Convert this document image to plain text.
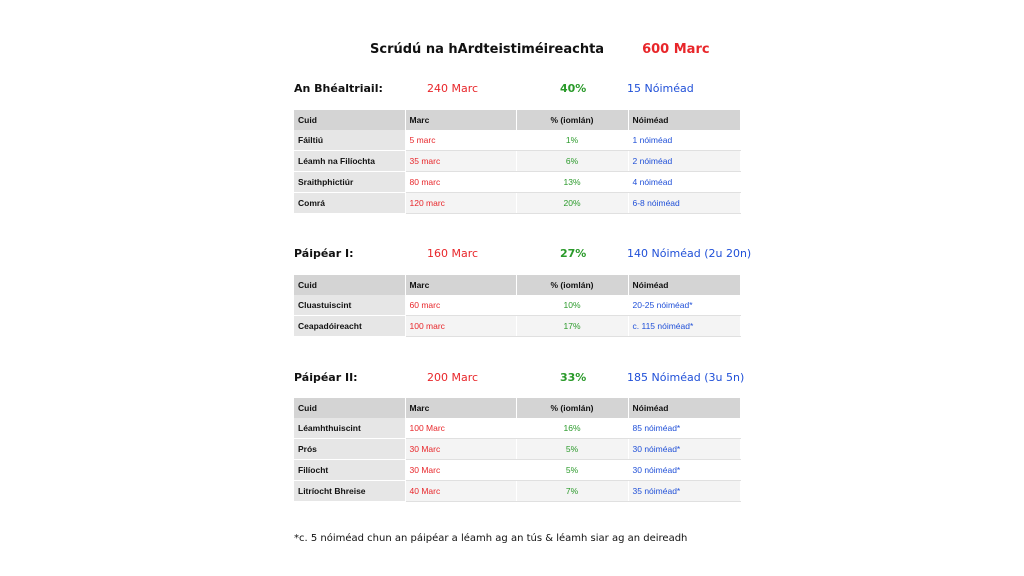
Scrúdú na hArdteistiméireachta	600 Marc
An Bhéaltriail:	240 Marc	40%	15 Nóiméad
Cuid	Marc	% (iomlán)	Nóiméad
Fáiltiú	5 marc	1%	1 nóiméad
Léamh na Filíochta	35 marc	6%	2 nóiméad
Sraithphictiúr	80 marc	13%	4 nóiméad
Comrá	120 marc	20%	6-8 nóiméad
Páipéar I:	160 Marc	27%	140 Nóiméad (2u 20n)
Cuid	Marc	% (iomlán)	Nóiméad
Cluastuiscint	60 marc	10%	20-25 nóiméad*
Ceapadóireacht	100 marc	17%	c. 115 nóiméad*
Páipéar II:	200 Marc	33%	185 Nóiméad (3u 5n)
Cuid	Marc	% (iomlán)	Nóiméad
Léamhthuiscint	100 Marc	16%	85 nóiméad*
Prós	30 Marc	5%	30 nóiméad*
Filíocht	30 Marc	5%	30 nóiméad*
Litríocht Bhreise	40 Marc	7%	35 nóiméad*
*c. 5 nóiméad chun an páipéar a léamh ag an tús & léamh siar ag an deireadh
